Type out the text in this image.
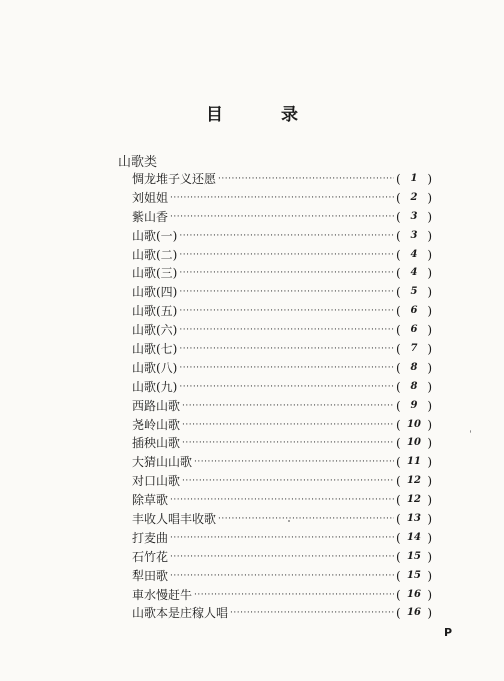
目 录
山歌类
惆龙堆子义还愿 ·····	( 1 )
刘姐姐 ·····	( 2 )
紫山香 ·····	( 3 )
山歌(一) ·····	( 3 )
山歌(二) ·····	( 4 )
山歌(三) ·····	( 4 )
山歌(四) ·····	( 5 )
山歌(五) ·····	( 6 )
山歌(六) ·····	( 6 )
山歌(七) ·····	( 7 )
山歌(八) ·····	( 8 )
山歌(九) ·····	( 8 )
西路山歌 ·····	( 9 )
尧岭山歌 ·····	( 10 )
插秧山歌 ·····	( 10 )
大猜山山歌 ·····	( 11 )
对口山歌 ·····	( 12 )
除草歌 ·····	( 12 )
丰收人唱丰收歌 ·····	( 13 )
打麦曲 ·····	( 14 )
石竹花 ·····	( 15 )
犁田歌 ·····	( 15 )
車水慢赶牛 ·····	( 16 )
山歌本是庄稼人唱 ·····	( 16 )
P
